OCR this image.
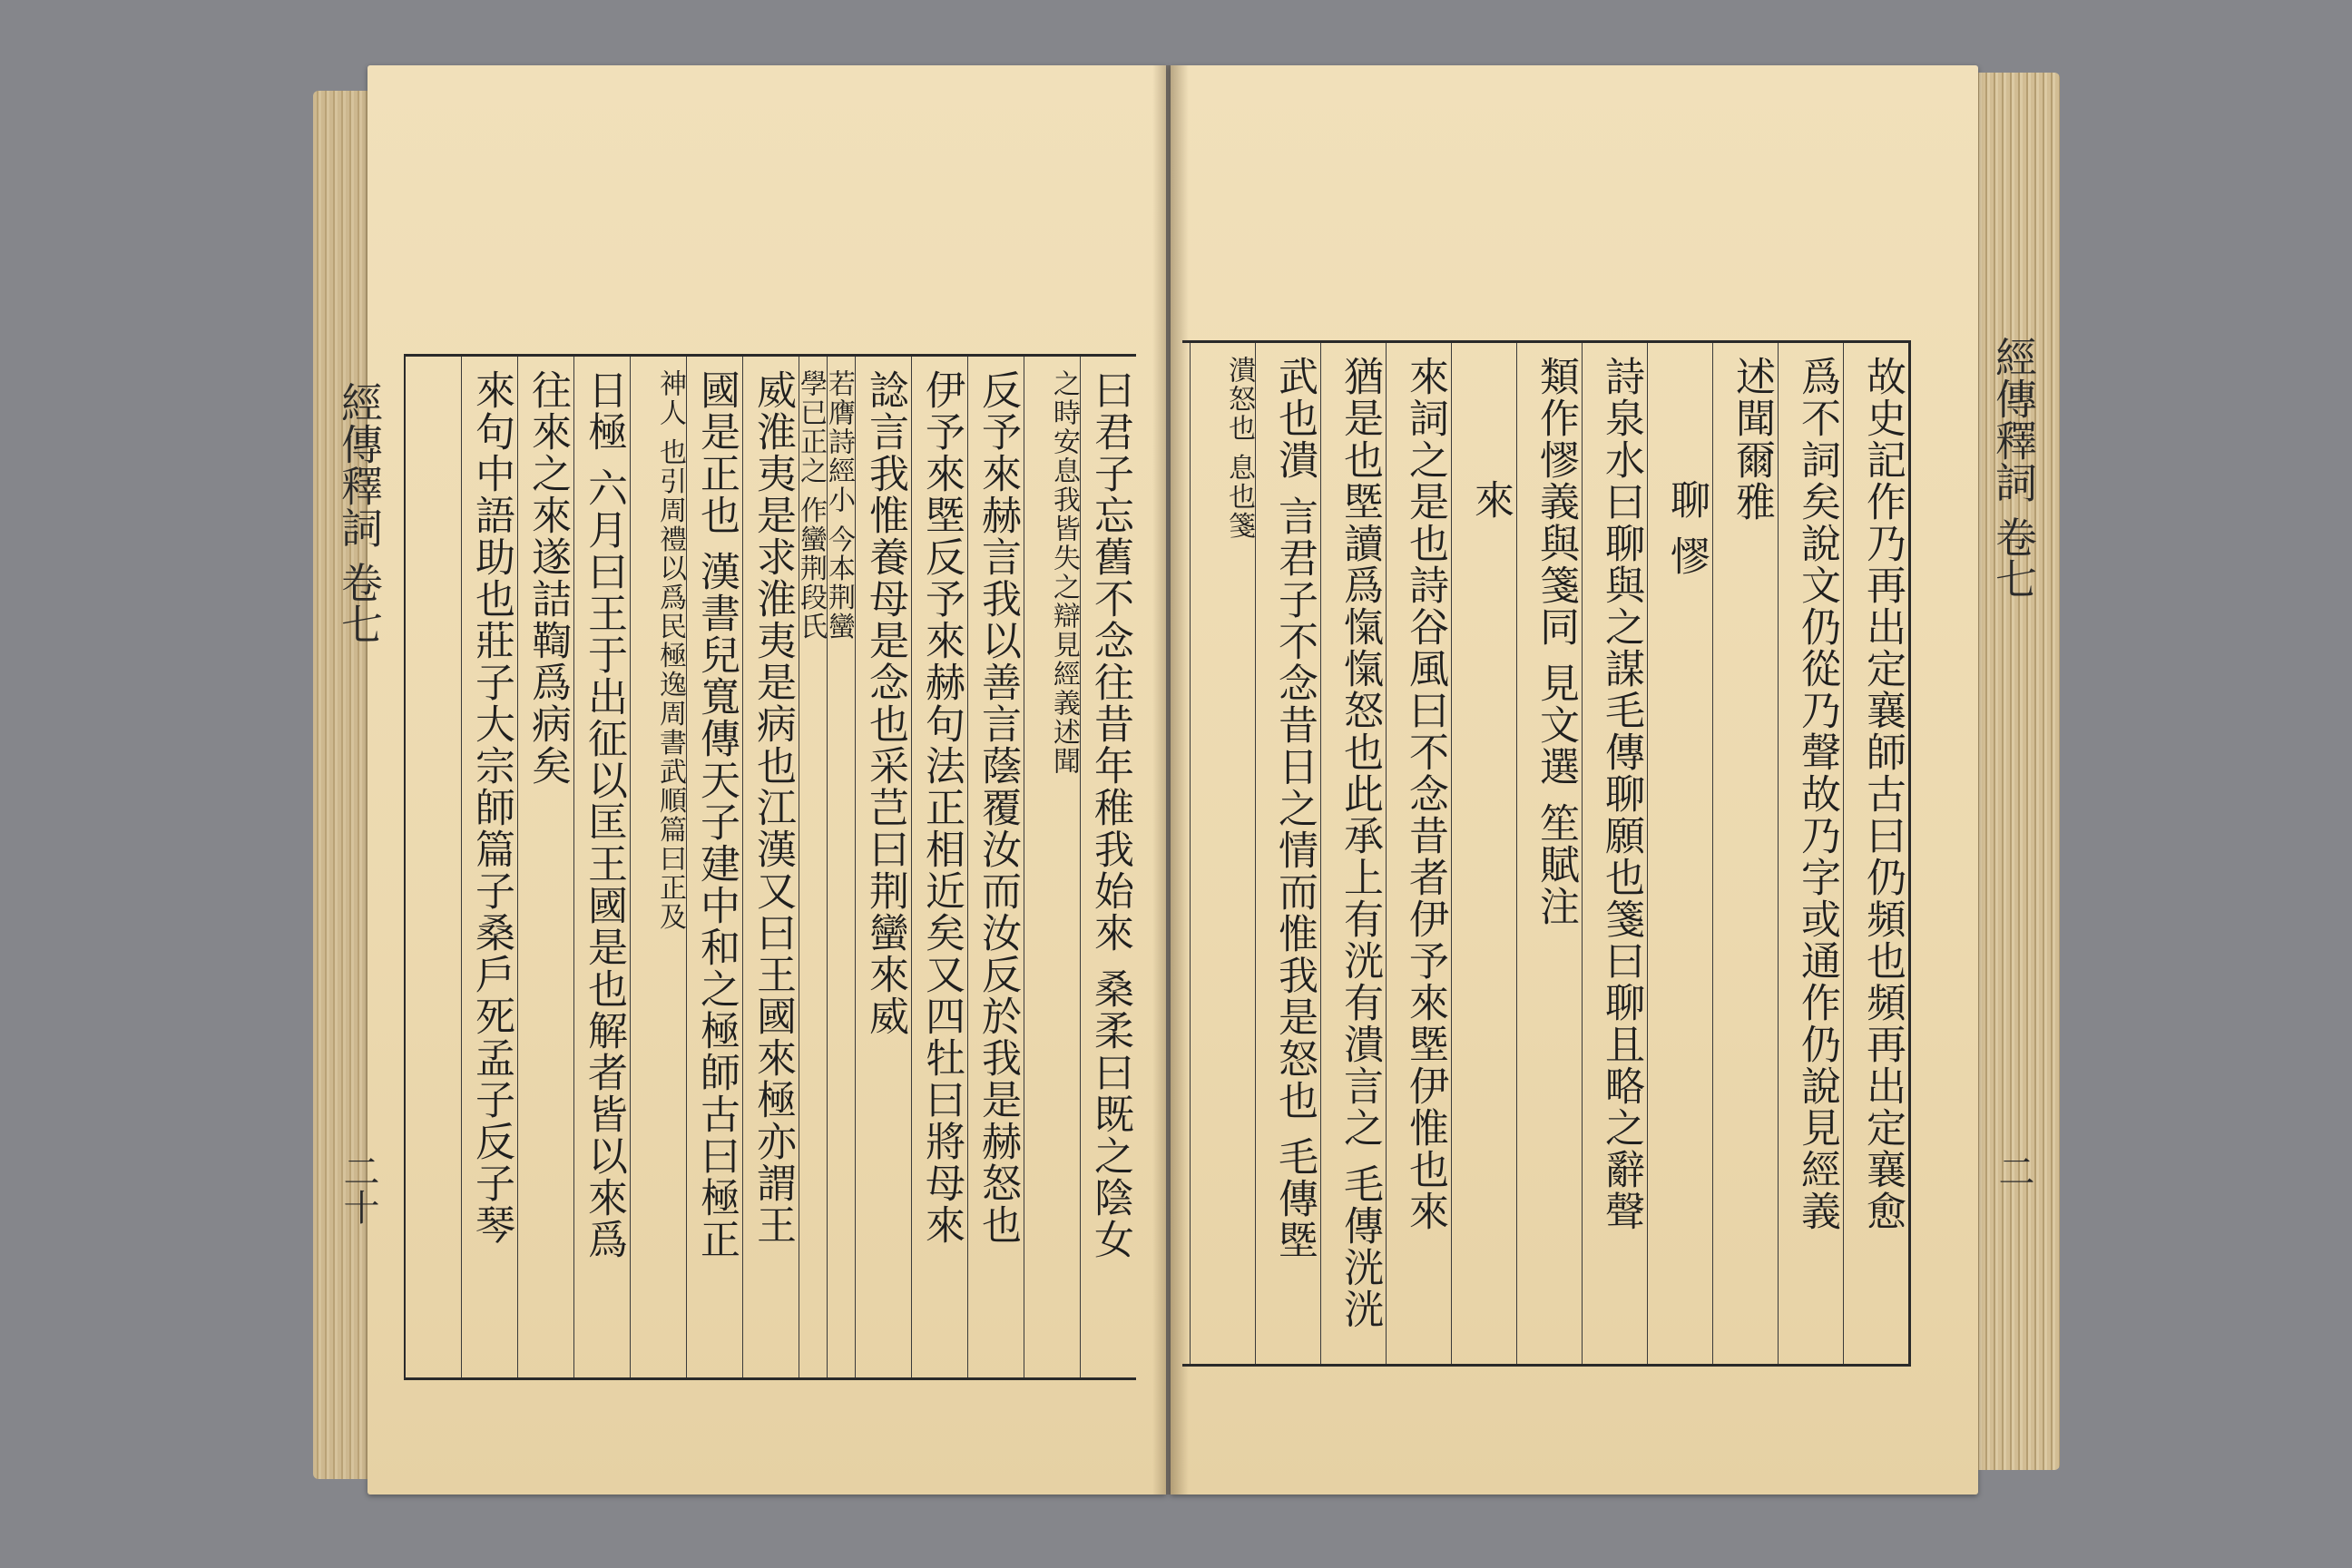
經傳釋詞 卷七
二十
經傳釋詞 卷七
二
曰君子忘舊不念往昔年稚我始來 桑柔曰既之陰女
之時安息我皆失之辯見經義述聞
反予來赫言我以善言蔭覆汝而汝反於我是赫怒也
伊予來塈反予來赫句法正相近矣又四牡曰將母來
諗言我惟養母是念也采芑曰荆蠻來威
若膺詩經小 今本荆蠻
學已正之 作蠻荆段氏
威淮夷是求淮夷是病也江漢又曰王國來極亦謂王
國是正也 漢書兒寬傳天子建中和之極師古曰極正
神人 也引周禮以爲民極逸周書武順篇曰正及
日極 六月曰王于出征以匡王國是也解者皆以來爲
往來之來遂詰鞫爲病矣
來句中語助也莊子大宗師篇子桑戶死孟子反子琴	故史記作乃再出定襄師古曰仍頻也頻再出定襄愈
爲不詞矣說文仍從乃聲故乃字或通作仍說見經義
述聞爾雅
聊 憀
詩泉水曰聊與之謀毛傳聊願也箋曰聊且略之辭聲
類作憀義與箋同 見文選 笙賦注
來
來詞之是也詩谷風曰不念昔者伊予來塈伊惟也來
猶是也塈讀爲愾愾怒也此承上有洸有潰言之 毛傳洸洸
武也潰 言君子不念昔日之情而惟我是怒也 毛傳塈
潰怒也 息也箋
